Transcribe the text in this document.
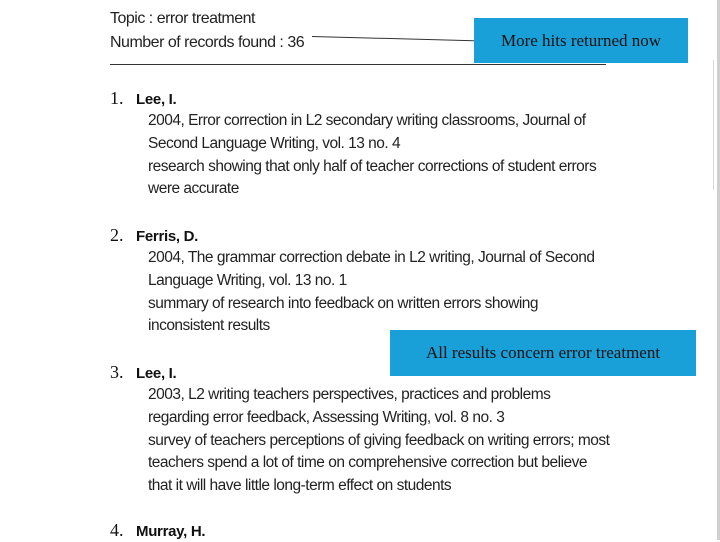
Topic : error treatment
Number of records found : 36	More hits returned now
1. Lee, I.
2004, Error correction in L2 secondary writing classrooms, Journal of
Second Language Writing, vol. 13 no. 4
research showing that only half of teacher corrections of student errors
were accurate
2. Ferris, D.
2004, The grammar correction debate in L2 writing, Journal of Second
Language Writing, vol. 13 no. 1
summary of research into feedback on written errors showing
inconsistent results
3. Lee, I.
2003, L2 writing teachers perspectives, practices and problems
regarding error feedback, Assessing Writing, vol. 8 no. 3
survey of teachers perceptions of giving feedback on writing errors; most
teachers spend a lot of time on comprehensive correction but believe
that it will have little long-term effect on students
4. Murray, H.
All results concern error treatment
